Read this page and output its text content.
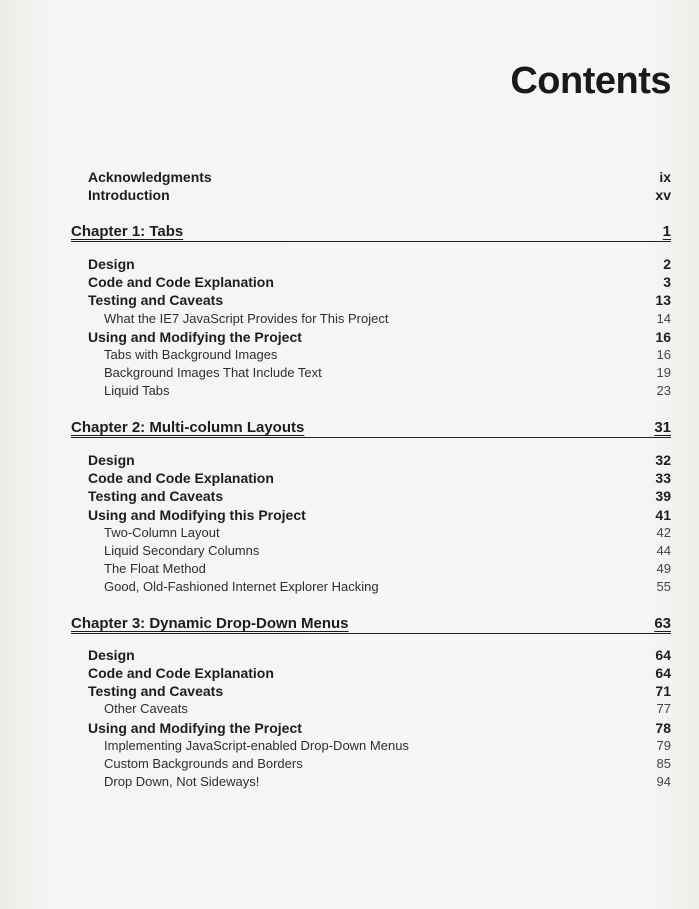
Contents
Acknowledgments	ix
Introduction	xv
Chapter 1: Tabs	1
Design	2
Code and Code Explanation	3
Testing and Caveats	13
What the IE7 JavaScript Provides for This Project	14
Using and Modifying the Project	16
Tabs with Background Images	16
Background Images That Include Text	19
Liquid Tabs	23
Chapter 2: Multi-column Layouts	31
Design	32
Code and Code Explanation	33
Testing and Caveats	39
Using and Modifying this Project	41
Two-Column Layout	42
Liquid Secondary Columns	44
The Float Method	49
Good, Old-Fashioned Internet Explorer Hacking	55
Chapter 3: Dynamic Drop-Down Menus	63
Design	64
Code and Code Explanation	64
Testing and Caveats	71
Other Caveats	77
Using and Modifying the Project	78
Implementing JavaScript-enabled Drop-Down Menus	79
Custom Backgrounds and Borders	85
Drop Down, Not Sideways!	94
